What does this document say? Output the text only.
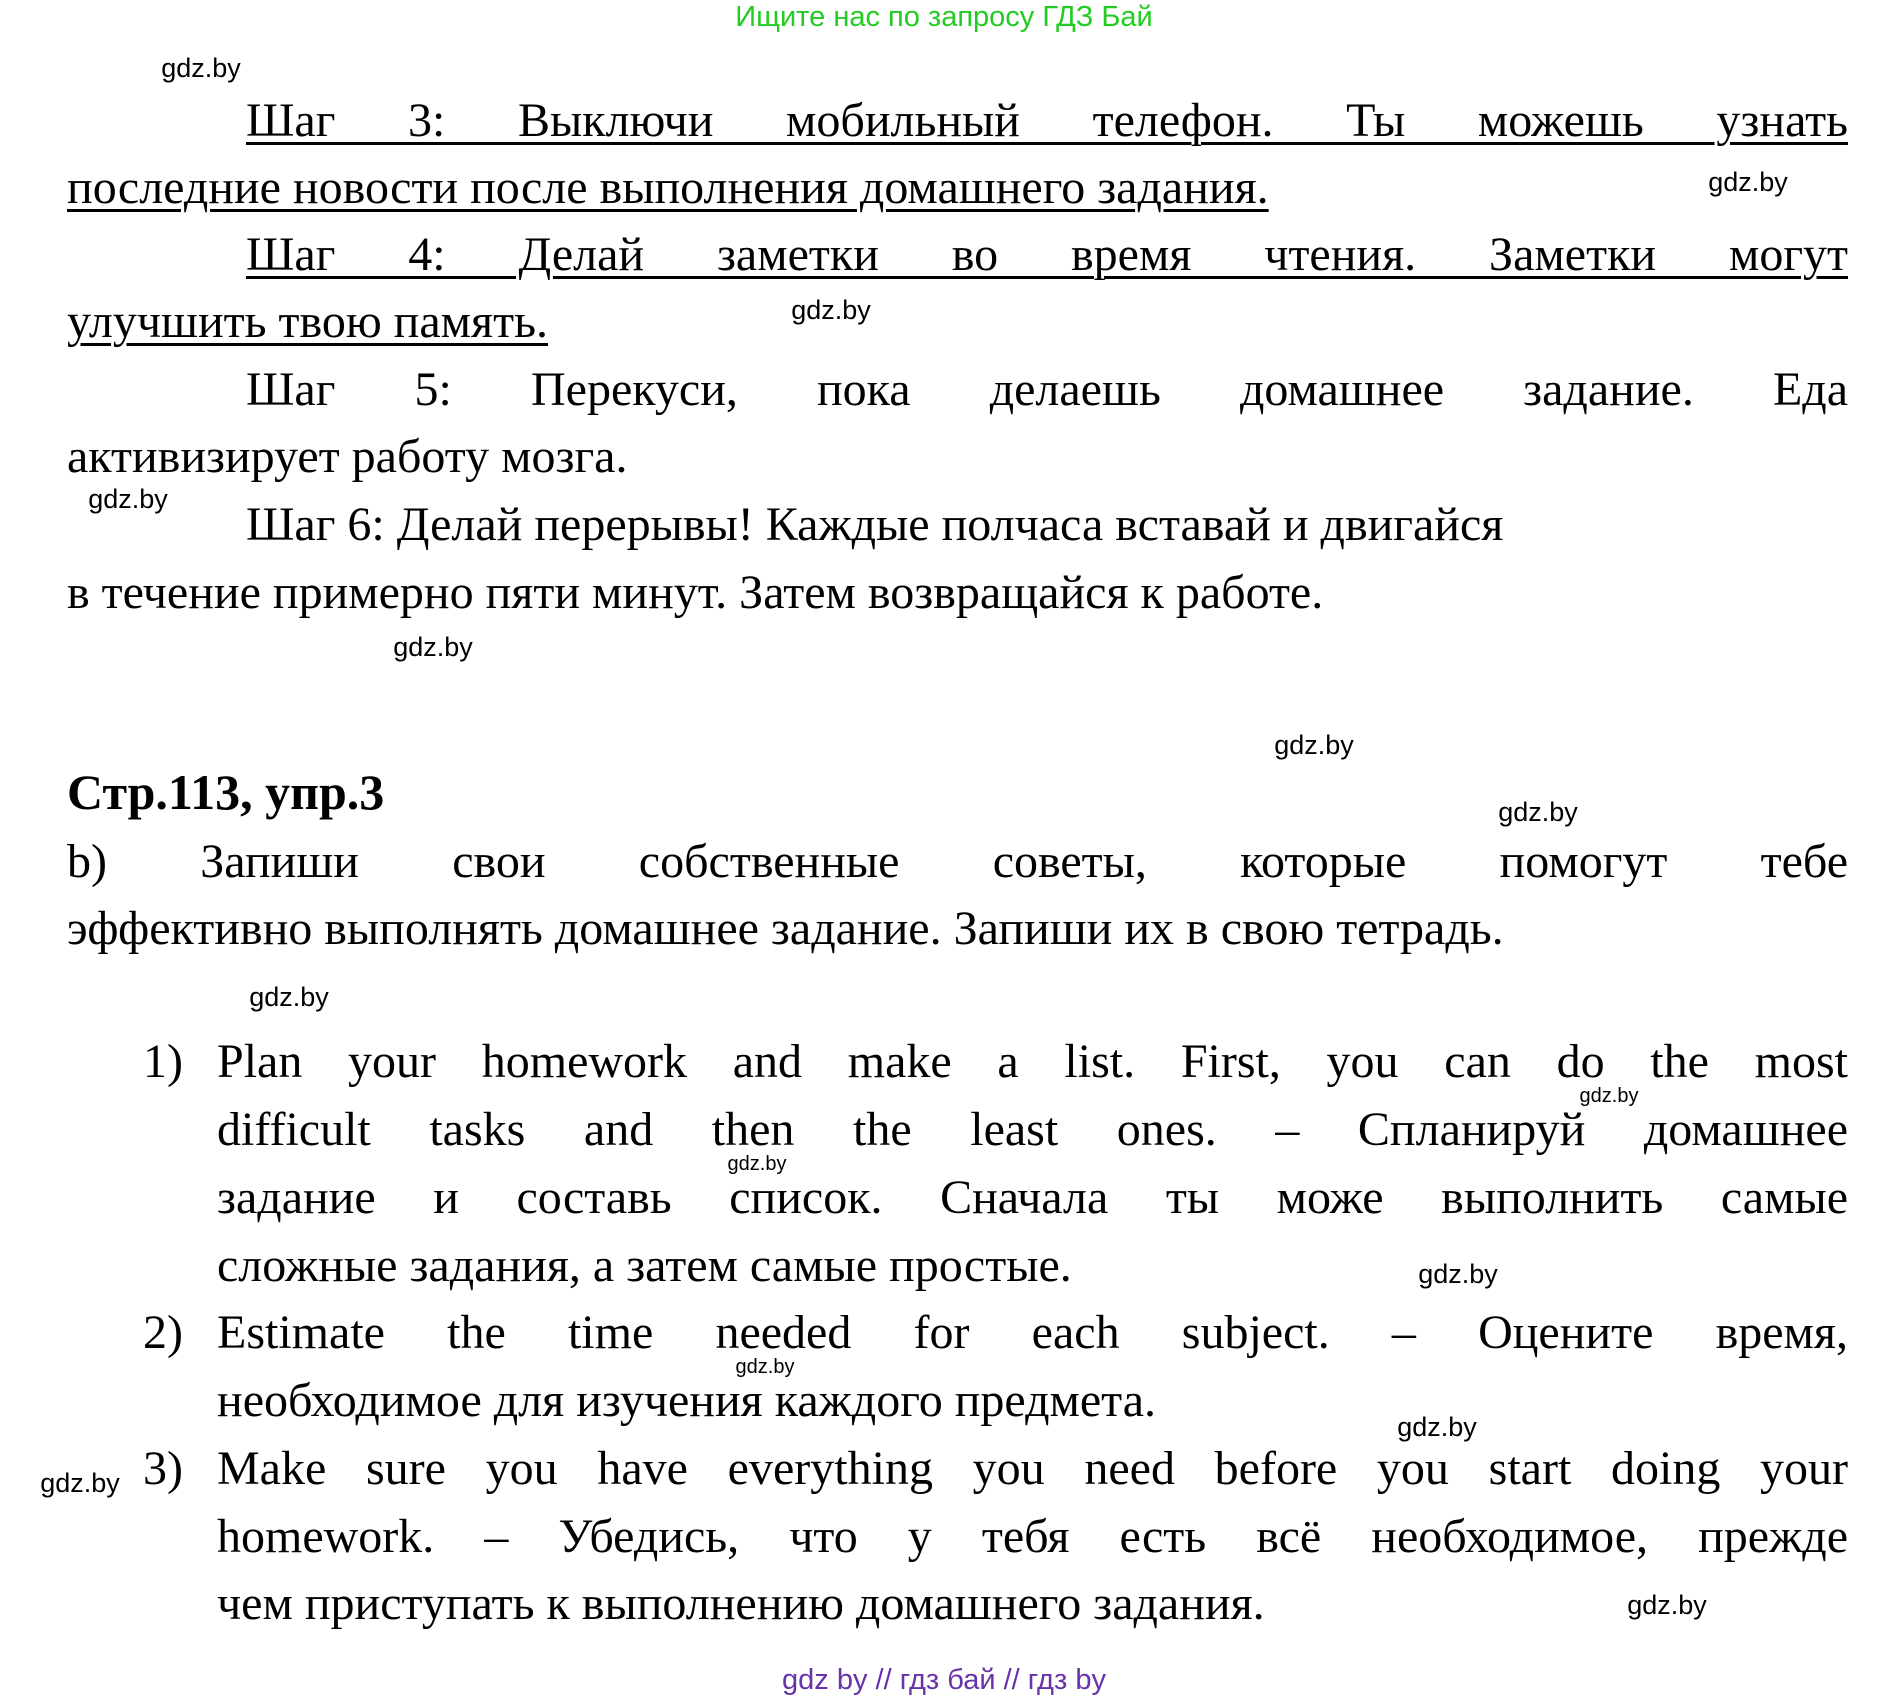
Ищите нас по запросу ГДЗ Бай
Шаг 3: Выключи мобильный телефон. Ты можешь узнать
последние новости после выполнения домашнего задания.
Шаг 4: Делай заметки во время чтения. Заметки могут
улучшить твою память.
Шаг 5: Перекуси, пока делаешь домашнее задание. Еда
активизирует работу мозга.
Шаг 6: Делай перерывы! Каждые полчаса вставай и двигайся
в течение примерно пяти минут. Затем возвращайся к работе.
b) Запиши свои собственные советы, которые помогут тебе
эффективно выполнять домашнее задание. Запиши их в свою тетрадь.
1) Plan your homework and make a list. First, you can do the most
difficult tasks and then the least ones. – Спланируй домашнее
задание и составь список. Сначала ты може выполнить самые
сложные задания, а затем самые простые.
2) Estimate the time needed for each subject. – Оцените время,
необходимое для изучения каждого предмета.
3) Make sure you have everything you need before you start doing your
homework. – Убедись, что у тебя есть всё необходимое, прежде
чем приступать к выполнению домашнего задания.
Стр.113, упр.3
gdz by // гдз бай // гдз by
gdz.by
gdz.by
gdz.by
gdz.by
gdz.by
gdz.by
gdz.by
gdz.by
gdz.by
gdz.by
gdz.by
gdz.by
gdz.by
gdz.by
gdz.by
